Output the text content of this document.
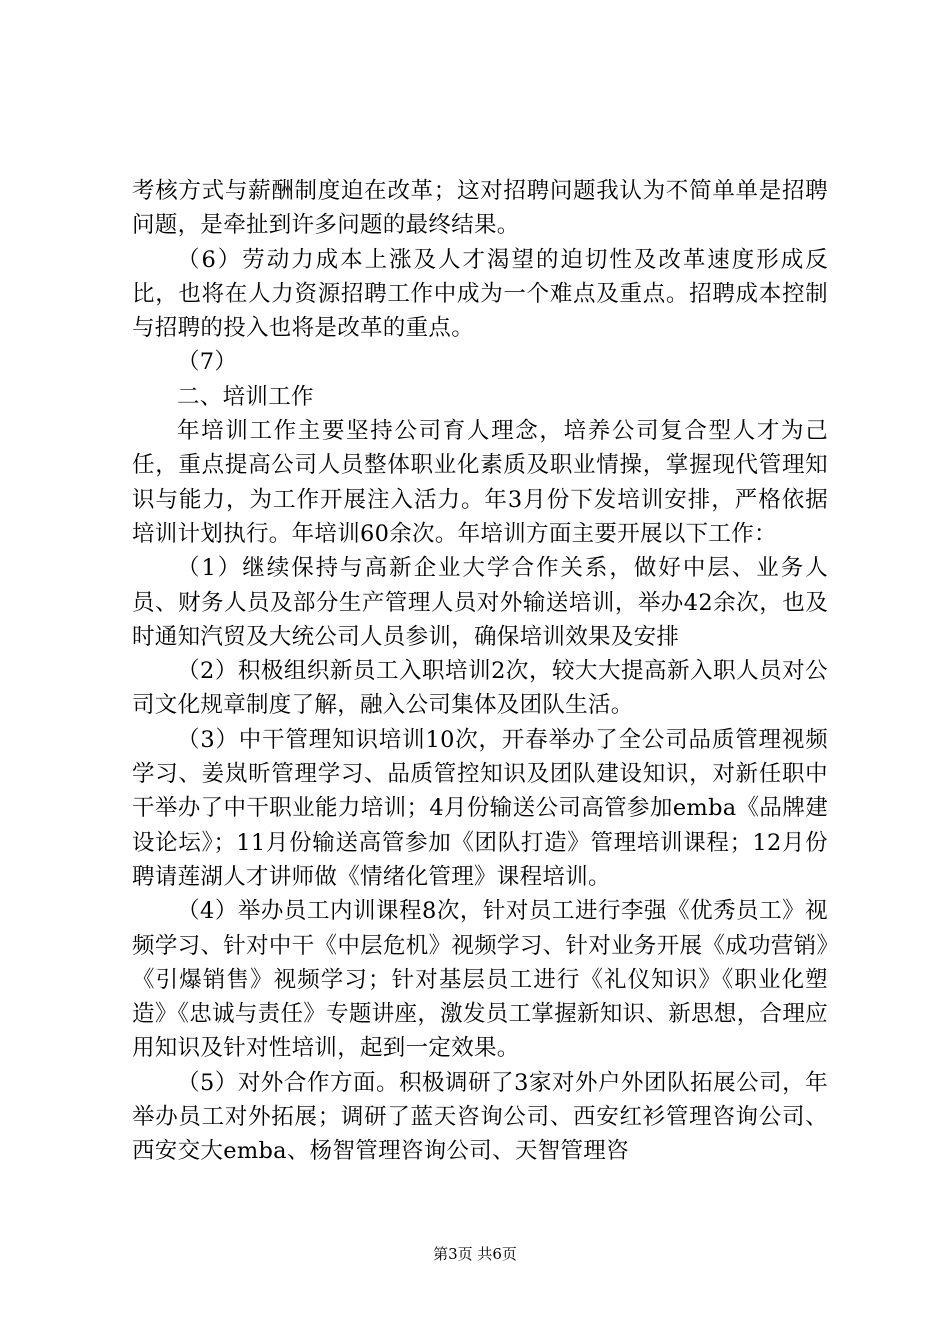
考核方式与薪酬制度迫在改革；这对招聘问题我认为不简单单是招聘问题，是牵扯到许多问题的最终结果。

（6）劳动力成本上涨及人才渴望的迫切性及改革速度形成反比，也将在人力资源招聘工作中成为一个难点及重点。招聘成本控制与招聘的投入也将是改革的重点。

（7）

二、培训工作

年培训工作主要坚持公司育人理念，培养公司复合型人才为己任，重点提高公司人员整体职业化素质及职业情操，掌握现代管理知识与能力，为工作开展注入活力。年3月份下发培训安排，严格依据培训计划执行。年培训60余次。年培训方面主要开展以下工作：

（1）继续保持与高新企业大学合作关系，做好中层、业务人员、财务人员及部分生产管理人员对外输送培训，举办42余次，也及时通知汽贸及大统公司人员参训，确保培训效果及安排

（2）积极组织新员工入职培训2次，较大大提高新入职人员对公司文化规章制度了解，融入公司集体及团队生活。

（3）中干管理知识培训10次，开春举办了全公司品质管理视频学习、姜岚昕管理学习、品质管控知识及团队建设知识，对新任职中干举办了中干职业能力培训；4月份输送公司高管参加emba《品牌建设论坛》；11月份输送高管参加《团队打造》管理培训课程；12月份聘请莲湖人才讲师做《情绪化管理》课程培训。

（4）举办员工内训课程8次，针对员工进行李强《优秀员工》视频学习、针对中干《中层危机》视频学习、针对业务开展《成功营销》《引爆销售》视频学习；针对基层员工进行《礼仪知识》《职业化塑造》《忠诚与责任》专题讲座，激发员工掌握新知识、新思想，合理应用知识及针对性培训，起到一定效果。

（5）对外合作方面。积极调研了3家对外户外团队拓展公司，年举办员工对外拓展；调研了蓝天咨询公司、西安红衫管理咨询公司、西安交大emba、杨智管理咨询公司、天智管理咨

第3页 共6页
